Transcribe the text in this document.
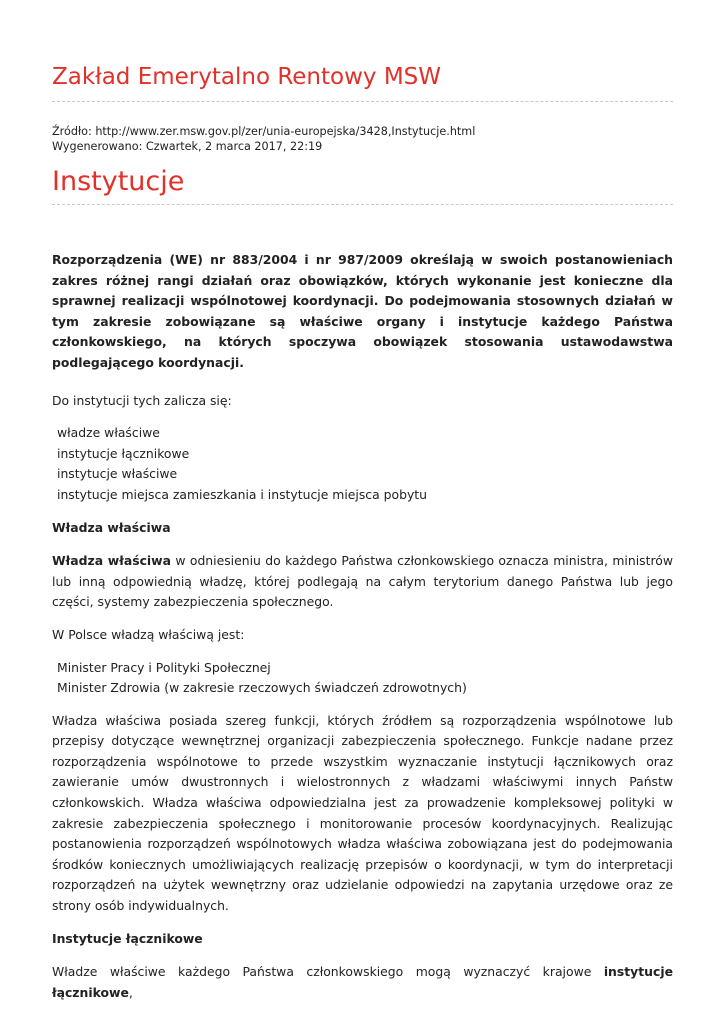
Zakład Emerytalno Rentowy MSW
Źródło: http://www.zer.msw.gov.pl/zer/unia-europejska/3428,Instytucje.html
Wygenerowano: Czwartek, 2 marca 2017, 22:19
Instytucje

Rozporządzenia (WE) nr 883/2004 i nr 987/2009 określają w swoich postanowieniach zakres różnej rangi działań oraz obowiązków, których wykonanie jest konieczne dla sprawnej realizacji wspólnotowej koordynacji. Do podejmowania stosownych działań w tym zakresie zobowiązane są właściwe organy i instytucje każdego Państwa członkowskiego, na których spoczywa obowiązek stosowania ustawodawstwa podlegającego koordynacji.

Do instytucji tych zalicza się:

władze właściwe
instytucje łącznikowe
instytucje właściwe
instytucje miejsca zamieszkania i instytucje miejsca pobytu

Władza właściwa

Władza właściwa w odniesieniu do każdego Państwa członkowskiego oznacza ministra, ministrów lub inną odpowiednią władzę, której podlegają na całym terytorium danego Państwa lub jego części, systemy zabezpieczenia społecznego.

W Polsce władzą właściwą jest:

Minister Pracy i Polityki Społecznej
Minister Zdrowia (w zakresie rzeczowych świadczeń zdrowotnych)

Władza właściwa posiada szereg funkcji, których źródłem są rozporządzenia wspólnotowe lub przepisy dotyczące wewnętrznej organizacji zabezpieczenia społecznego. Funkcje nadane przez rozporządzenia wspólnotowe to przede wszystkim wyznaczanie instytucji łącznikowych oraz zawieranie umów dwustronnych i wielostronnych z władzami właściwymi innych Państw członkowskich. Władza właściwa odpowiedzialna jest za prowadzenie kompleksowej polityki w zakresie zabezpieczenia społecznego i monitorowanie procesów koordynacyjnych. Realizując postanowienia rozporządzeń wspólnotowych władza właściwa zobowiązana jest do podejmowania środków koniecznych umożliwiających realizację przepisów o koordynacji, w tym do interpretacji rozporządzeń na użytek wewnętrzny oraz udzielanie odpowiedzi na zapytania urzędowe oraz ze strony osób indywidualnych.

Instytucje łącznikowe

Władze właściwe każdego Państwa członkowskiego mogą wyznaczyć krajowe instytucje łącznikowe,
